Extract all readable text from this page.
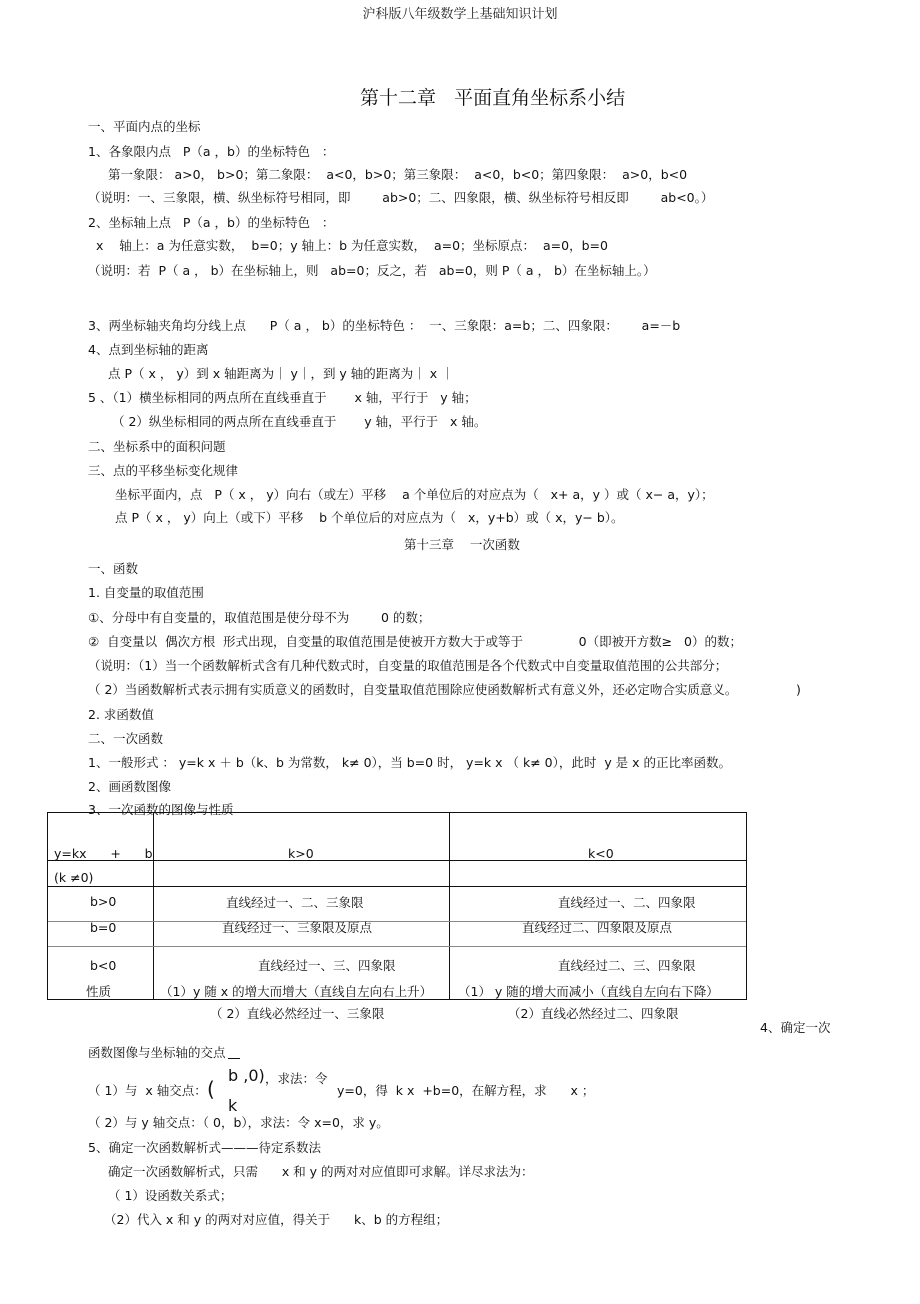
沪科版八年级数学上基础知识计划
第十二章   平面直角坐标系小结
一、平面内点的坐标
1、各象限内点   P（a ，b）的坐标特色   ：
第一象限： a>0， b>0；第二象限：  a<0，b>0；第三象限：  a<0，b<0；第四象限：  a>0，b<0
（说明：一、三象限，横、纵坐标符号相同，即        ab>0；二、四象限，横、纵坐标符号相反即        ab<0。）
2、坐标轴上点   P（a ，b）的坐标特色   ：
x    轴上：a 为任意实数，  b=0；y 轴上：b 为任意实数，  a=0；坐标原点：  a=0，b=0
（说明：若  P（ a ， b）在坐标轴上，则   ab=0；反之，若   ab=0，则 P（ a ， b）在坐标轴上。）
3、两坐标轴夹角均分线上点      P（ a ， b）的坐标特色 ：  一、三象限：a=b；二、四象限：      a=－b
4、点到坐标轴的距离
点 P（ x ， y）到 x 轴距离为｜ y｜，到 y 轴的距离为｜ x ｜
5 、（1）横坐标相同的两点所在直线垂直于       x 轴，平行于   y 轴；
（ 2）纵坐标相同的两点所在直线垂直于       y 轴，平行于   x 轴。
二、坐标系中的面积问题
三、点的平移坐标变化规律
坐标平面内，点   P（ x ， y）向右（或左）平移    a 个单位后的对应点为（   x+ a，y ）或（ x− a，y）；
点 P（ x ， y）向上（或下）平移    b 个单位后的对应点为（   x，y+b）或（ x，y− b）。
第十三章    一次函数
一、函数
1. 自变量的取值范围
①、分母中有自变量的，取值范围是使分母不为        0 的数；
②  自变量以  偶次方根  形式出现，自变量的取值范围是使被开方数大于或等于              0（即被开方数≥   0）的数；
（说明：（1）当一个函数解析式含有几种代数式时，自变量的取值范围是各个代数式中自变量取值范围的公共部分；
（ 2）当函数解析式表示拥有实质意义的函数时，自变量取值范围除应使函数解析式有意义外，还必定吻合实质意义。	)
2. 求函数值
二、一次函数
1、一般形式 ： y=k x ＋ b（k、b 为常数， k≠ 0），当 b=0 时， y=k x （ k≠ 0），此时  y 是 x 的正比率函数。
2、画函数图像
3、一次函数的图像与性质
y=kx      +      b	k>0	k<0
(k ≠0)
b>0	直线经过一、二、三象限	直线经过一、二、四象限
b=0	直线经过一、三象限及原点	直线经过二、四象限及原点
b<0	直线经过一、三、四象限	直线经过二、三、四象限
性质	（1）y 随 x 的增大而增大（直线自左向右上升） （1） y 随的增大而减小（直线自左向右下降）
（ 2）直线必然经过一、三象限	（2）直线必然经过二、四象限
4、确定一次
函数图像与坐标轴的交点
（ 1）与  x 轴交点： (
b ,0)
k
，求法：令
y=0，得  k x  +b=0，在解方程，求      x ；
（ 2）与 y 轴交点：（ 0，b），求法：令 x=0，求 y。
5、确定一次函数解析式———待定系数法
确定一次函数解析式，只需      x 和 y 的两对对应值即可求解。详尽求法为：
（ 1）设函数关系式；
（2）代入 x 和 y 的两对对应值，得关于      k、b 的方程组；
